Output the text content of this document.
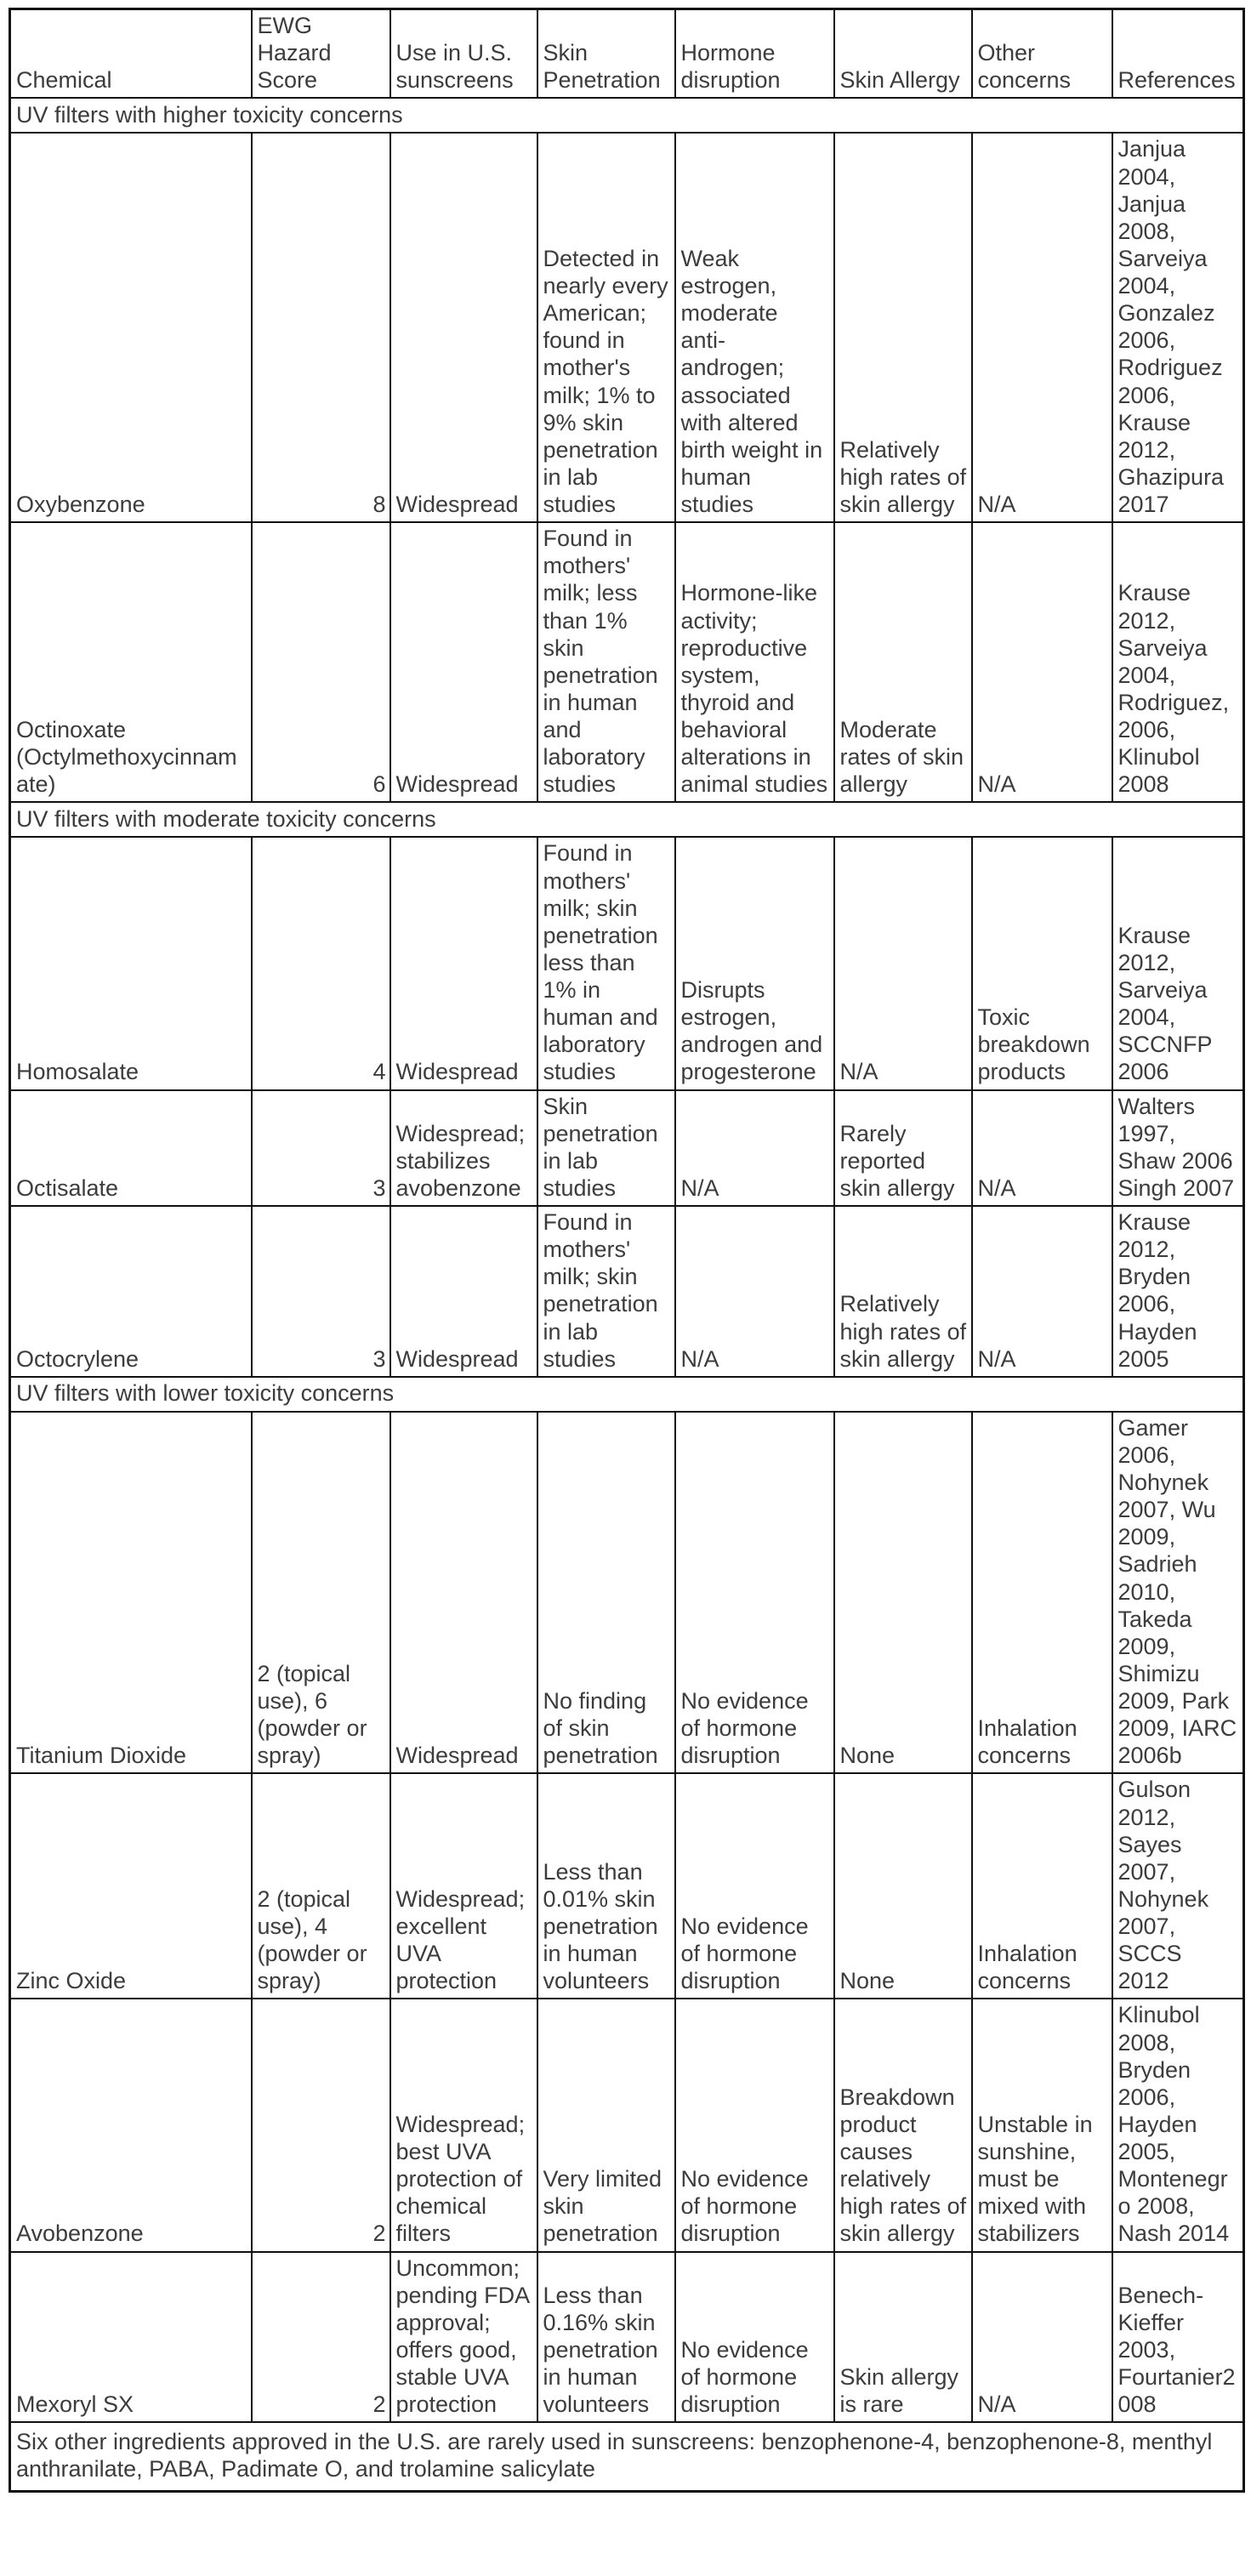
Chemical	EWG Hazard Score	Use in U.S. sunscreens	Skin Penetration	Hormone disruption	Skin Allergy	Other concerns	References
UV filters with higher toxicity concerns							
Oxybenzone	8	Widespread	Detected in nearly every American; found in mother's milk; 1% to 9% skin penetration in lab studies	Weak estrogen, moderate anti-androgen; associated with altered birth weight in human studies	Relatively high rates of skin allergy	N/A	Janjua 2004, Janjua 2008, Sarveiya 2004, Gonzalez 2006, Rodriguez 2006, Krause 2012, Ghazipura 2017
Octinoxate (Octylmethoxycinnamate)	6	Widespread	Found in mothers' milk; less than 1% skin penetration in human and laboratory studies	Hormone-like activity; reproductive system, thyroid and behavioral alterations in animal studies	Moderate rates of skin allergy	N/A	Krause 2012, Sarveiya 2004, Rodriguez, 2006, Klinubol 2008
UV filters with moderate toxicity concerns							
Homosalate	4	Widespread	Found in mothers' milk; skin penetration less than 1% in human and laboratory studies	Disrupts estrogen, androgen and progesterone	N/A	Toxic breakdown products	Krause 2012, Sarveiya 2004, SCCNFP 2006
Octisalate	3	Widespread; stabilizes avobenzone	Skin penetration in lab studies	N/A	Rarely reported skin allergy	N/A	Walters 1997, Shaw 2006 Singh 2007
Octocrylene	3	Widespread	Found in mothers' milk; skin penetration in lab studies	N/A	Relatively high rates of skin allergy	N/A	Krause 2012, Bryden 2006, Hayden 2005
UV filters with lower toxicity concerns							
Titanium Dioxide	2 (topical use), 6 (powder or spray)	Widespread	No finding of skin penetration	No evidence of hormone disruption	None	Inhalation concerns	Gamer 2006, Nohynek 2007, Wu 2009, Sadrieh 2010, Takeda 2009, Shimizu 2009, Park 2009, IARC 2006b
Zinc Oxide	2 (topical use), 4 (powder or spray)	Widespread; excellent UVA protection	Less than 0.01% skin penetration in human volunteers	No evidence of hormone disruption	None	Inhalation concerns	Gulson 2012, Sayes 2007, Nohynek 2007, SCCS 2012
Avobenzone	2	Widespread; best UVA protection of chemical filters	Very limited skin penetration	No evidence of hormone disruption	Breakdown product causes relatively high rates of skin allergy	Unstable in sunshine, must be mixed with stabilizers	Klinubol 2008, Bryden 2006, Hayden 2005, Montenegro 2008, Nash 2014
Mexoryl SX	2	Uncommon; pending FDA approval; offers good, stable UVA protection	Less than 0.16% skin penetration in human volunteers	No evidence of hormone disruption	Skin allergy is rare	N/A	Benech-Kieffer 2003, Fourtanier2008
Six other ingredients approved in the U.S. are rarely used in sunscreens: benzophenone-4, benzophenone-8, menthyl anthranilate, PABA, Padimate O, and trolamine salicylate							
